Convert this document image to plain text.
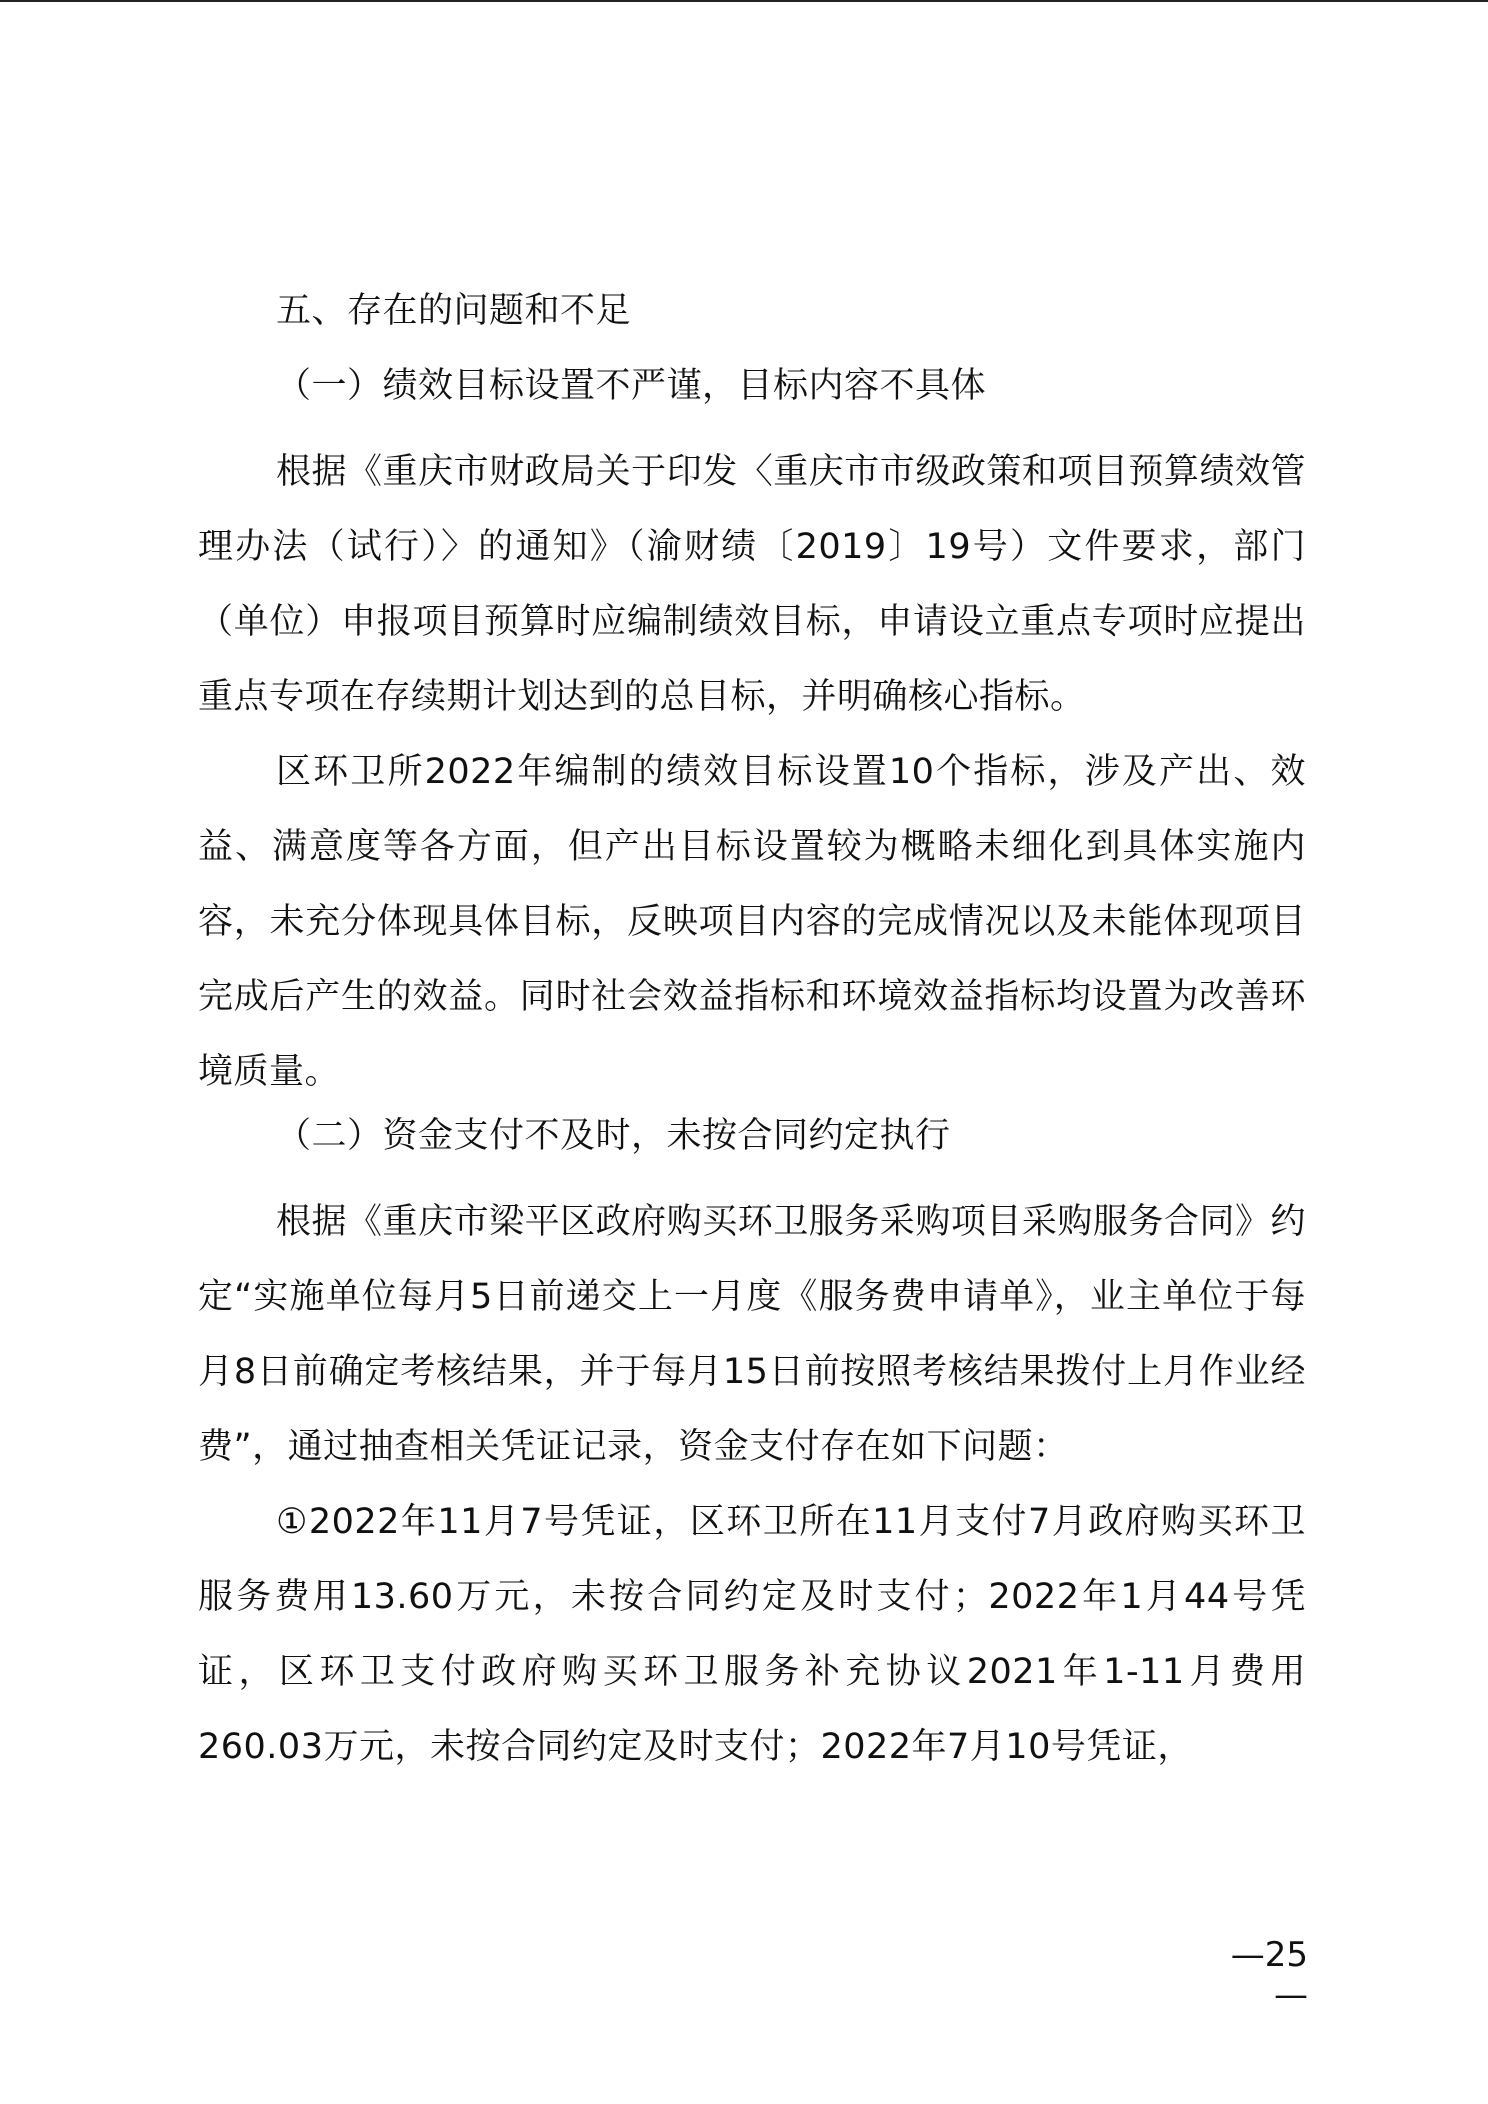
五、存在的问题和不足
（一）绩效目标设置不严谨，目标内容不具体

根据《重庆市财政局关于印发〈重庆市市级政策和项目预算绩效管理办法（试行）〉的通知》（渝财绩〔2019〕19号）文件要求，部门（单位）申报项目预算时应编制绩效目标，申请设立重点专项时应提出重点专项在存续期计划达到的总目标，并明确核心指标。

区环卫所2022年编制的绩效目标设置10个指标，涉及产出、效益、满意度等各方面，但产出目标设置较为概略未细化到具体实施内容，未充分体现具体目标，反映项目内容的完成情况以及未能体现项目完成后产生的效益。同时社会效益指标和环境效益指标均设置为改善环境质量。

（二）资金支付不及时，未按合同约定执行

根据《重庆市梁平区政府购买环卫服务采购项目采购服务合同》约定“实施单位每月5日前递交上一月度《服务费申请单》，业主单位于每月8日前确定考核结果，并于每月15日前按照考核结果拨付上月作业经费”，通过抽查相关凭证记录，资金支付存在如下问题：

①2022年11月7号凭证，区环卫所在11月支付7月政府购买环卫服务费用13.60万元，未按合同约定及时支付；2022年1月44号凭证，区环卫支付政府购买环卫服务补充协议2021年1-11月费用260.03万元，未按合同约定及时支付；2022年7月10号凭证，

—25—
